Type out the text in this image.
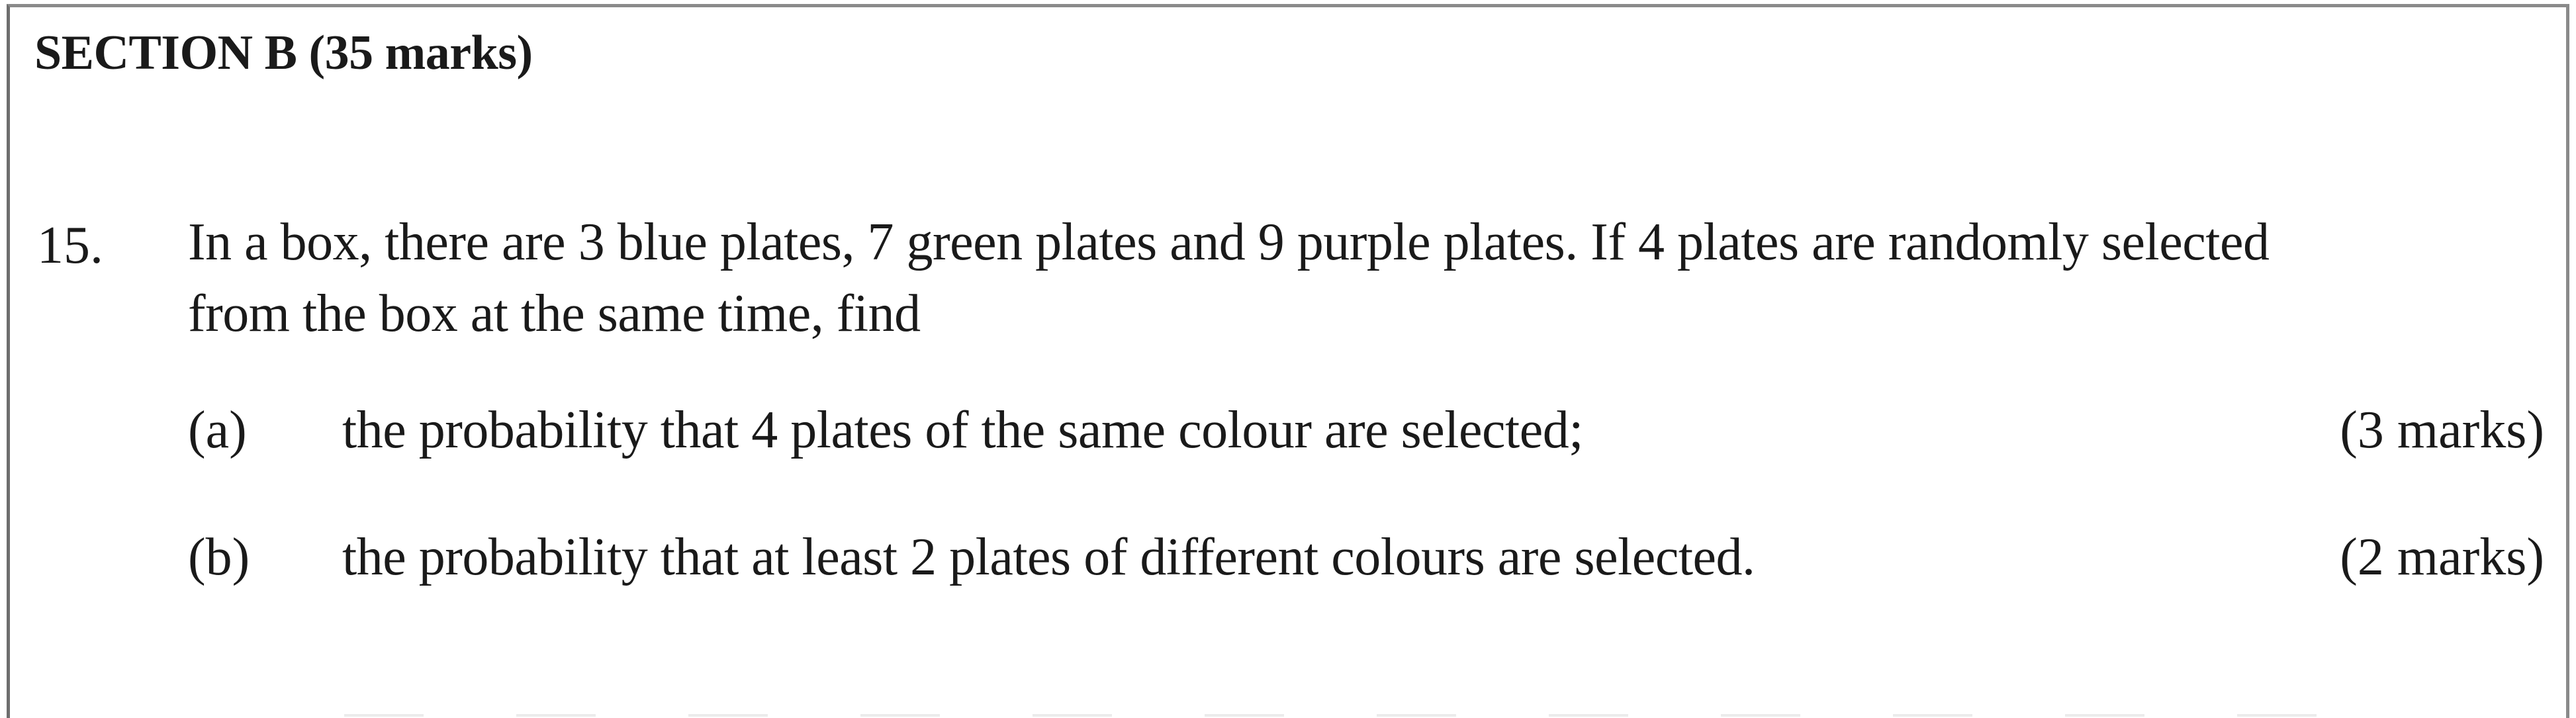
SECTION B (35 marks)
15. In a box, there are 3 blue plates, 7 green plates and 9 purple plates. If 4 plates are randomly selected
from the box at the same time, find
(a) the probability that 4 plates of the same colour are selected;	(3 marks)
(b) the probability that at least 2 plates of different colours are selected.	(2 marks)
